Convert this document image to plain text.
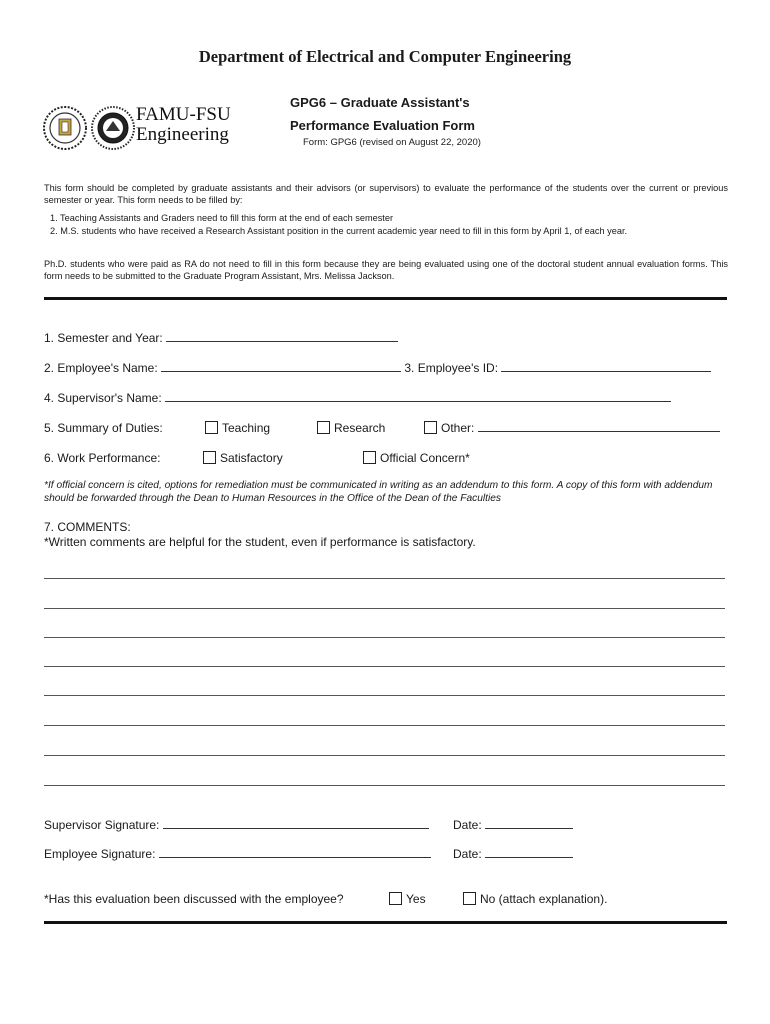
Department of Electrical and Computer Engineering
FAMU-FSU
Engineering
GPG6 – Graduate Assistant's
Performance Evaluation Form
Form: GPG6 (revised on August 22, 2020)
This form should be completed by graduate assistants and their advisors (or supervisors) to evaluate the performance of the students over the current or previous semester or year. This form needs to be filled by:
1. Teaching Assistants and Graders need to fill this form at the end of each semester
2. M.S. students who have received a Research Assistant position in the current academic year need to fill in this form by April 1, of each year.
Ph.D. students who were paid as RA do not need to fill in this form because they are being evaluated using one of the doctoral student annual evaluation forms. This form needs to be submitted to the Graduate Program Assistant, Mrs. Melissa Jackson.
1. Semester and Year:
2. Employee's Name:	3. Employee's ID:
4. Supervisor's Name:
5. Summary of Duties:	Teaching	Research	Other:
6. Work Performance:	Satisfactory	Official Concern*
*If official concern is cited, options for remediation must be communicated in writing as an addendum to this form. A copy of this form with addendum should be forwarded through the Dean to Human Resources in the Office of the Dean of the Faculties
7. COMMENTS:
*Written comments are helpful for the student, even if performance is satisfactory.
Supervisor Signature:	Date:
Employee Signature:	Date:
*Has this evaluation been discussed with the employee?	Yes	No (attach explanation).
